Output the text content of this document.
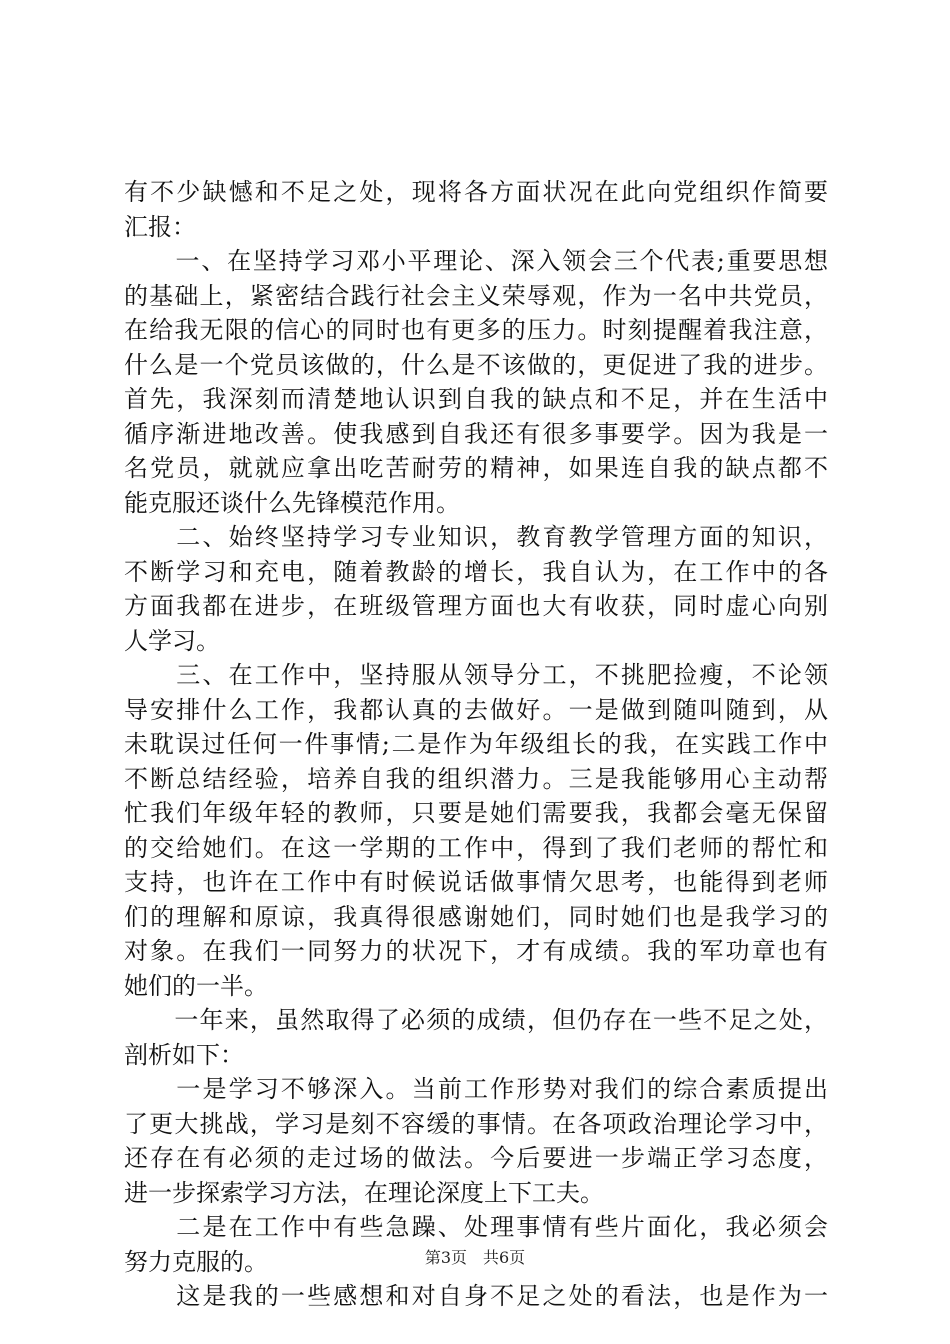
有不少缺憾和不足之处，现将各方面状况在此向党组织作简要
汇报：
　　一、在坚持学习邓小平理论、深入领会三个代表;重要思想
的基础上，紧密结合践行社会主义荣辱观，作为一名中共党员，
在给我无限的信心的同时也有更多的压力。时刻提醒着我注意，
什么是一个党员该做的，什么是不该做的，更促进了我的进步。
首先，我深刻而清楚地认识到自我的缺点和不足，并在生活中
循序渐进地改善。使我感到自我还有很多事要学。因为我是一
名党员，就就应拿出吃苦耐劳的精神，如果连自我的缺点都不
能克服还谈什么先锋模范作用。
　　二、始终坚持学习专业知识，教育教学管理方面的知识，
不断学习和充电，随着教龄的增长，我自认为，在工作中的各
方面我都在进步，在班级管理方面也大有收获，同时虚心向别
人学习。
　　三、在工作中，坚持服从领导分工，不挑肥捡瘦，不论领
导安排什么工作，我都认真的去做好。一是做到随叫随到，从
未耽误过任何一件事情;二是作为年级组长的我，在实践工作中
不断总结经验，培养自我的组织潜力。三是我能够用心主动帮
忙我们年级年轻的教师，只要是她们需要我，我都会毫无保留
的交给她们。在这一学期的工作中，得到了我们老师的帮忙和
支持，也许在工作中有时候说话做事情欠思考，也能得到老师
们的理解和原谅，我真得很感谢她们，同时她们也是我学习的
对象。在我们一同努力的状况下，才有成绩。我的军功章也有
她们的一半。
　　一年来，虽然取得了必须的成绩，但仍存在一些不足之处，
剖析如下：
　　一是学习不够深入。当前工作形势对我们的综合素质提出
了更大挑战，学习是刻不容缓的事情。在各项政治理论学习中，
还存在有必须的走过场的做法。今后要进一步端正学习态度，
进一步探索学习方法，在理论深度上下工夫。
　　二是在工作中有些急躁、处理事情有些片面化，我必须会
努力克服的。
　　这是我的一些感想和对自身不足之处的看法，也是作为一
第3页　共6页
